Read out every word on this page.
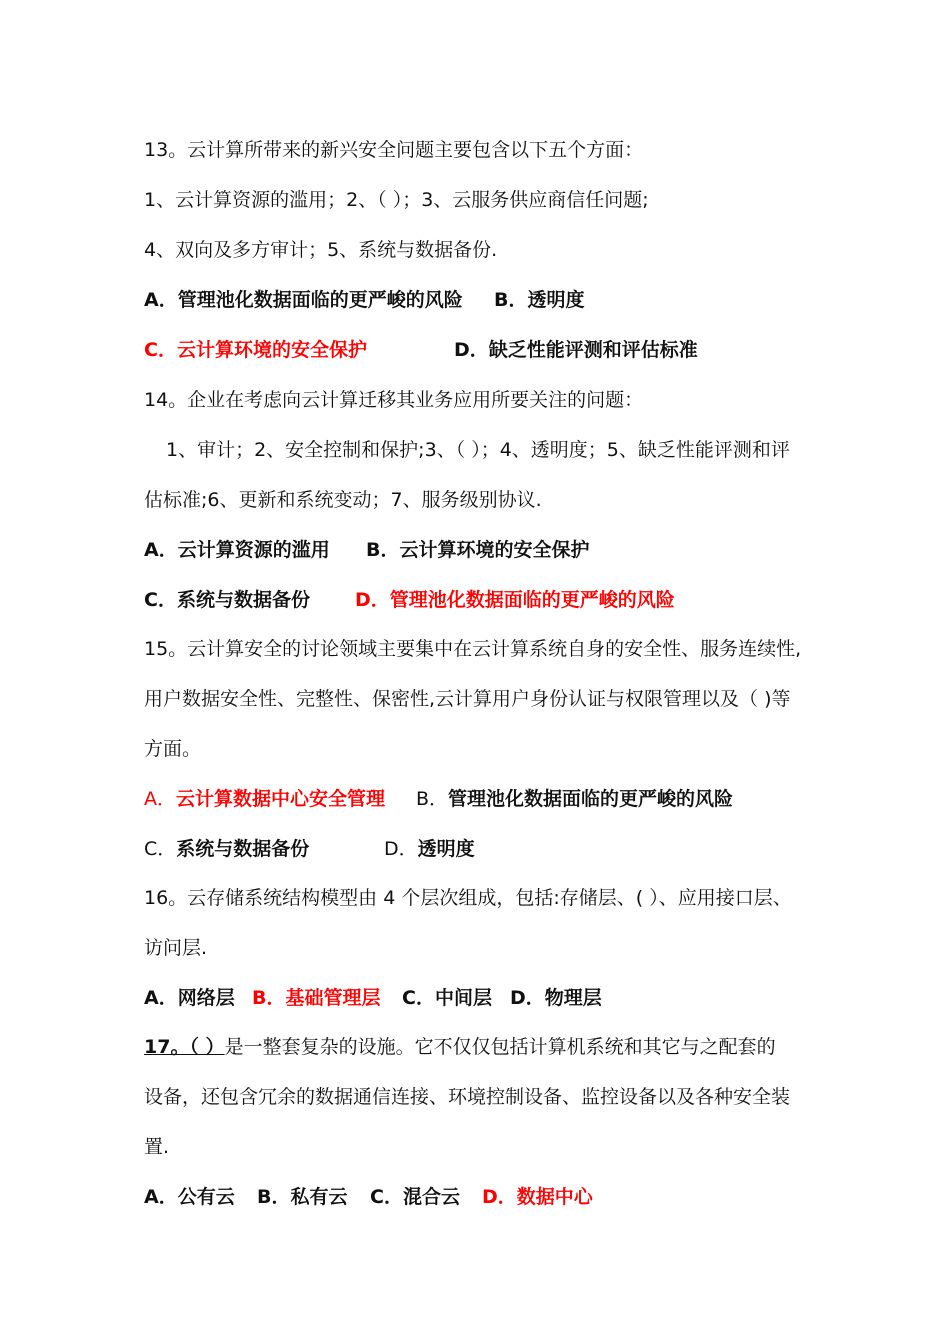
13。云计算所带来的新兴安全问题主要包含以下五个方面：
1、云计算资源的滥用；2、（ ）；3、云服务供应商信任问题;
4、双向及多方审计；5、系统与数据备份.
A．管理池化数据面临的更严峻的风险 B．透明度
C．云计算环境的安全保护	D．缺乏性能评测和评估标准
14。企业在考虑向云计算迁移其业务应用所要关注的问题：
1、审计；2、安全控制和保护;3、（ ）；4、透明度；5、缺乏性能评测和评
估标准;6、更新和系统变动；7、服务级别协议.
A．云计算资源的滥用 B．云计算环境的安全保护
C．系统与数据备份 D．管理池化数据面临的更严峻的风险
15。云计算安全的讨论领域主要集中在云计算系统自身的安全性、服务连续性,
用户数据安全性、完整性、保密性,云计算用户身份认证与权限管理以及（ )等
方面。
A．云计算数据中心安全管理 B．管理池化数据面临的更严峻的风险
C．系统与数据备份	D．透明度
16。云存储系统结构模型由 4 个层次组成，包括:存储层、( ）、应用接口层、
访问层.
A．网络层 B．基础管理层 C．中间层 D．物理层
17。（ ）是一整套复杂的设施。它不仅仅包括计算机系统和其它与之配套的
设备，还包含冗余的数据通信连接、环境控制设备、监控设备以及各种安全装
置.
A．公有云 B．私有云 C．混合云 D．数据中心
